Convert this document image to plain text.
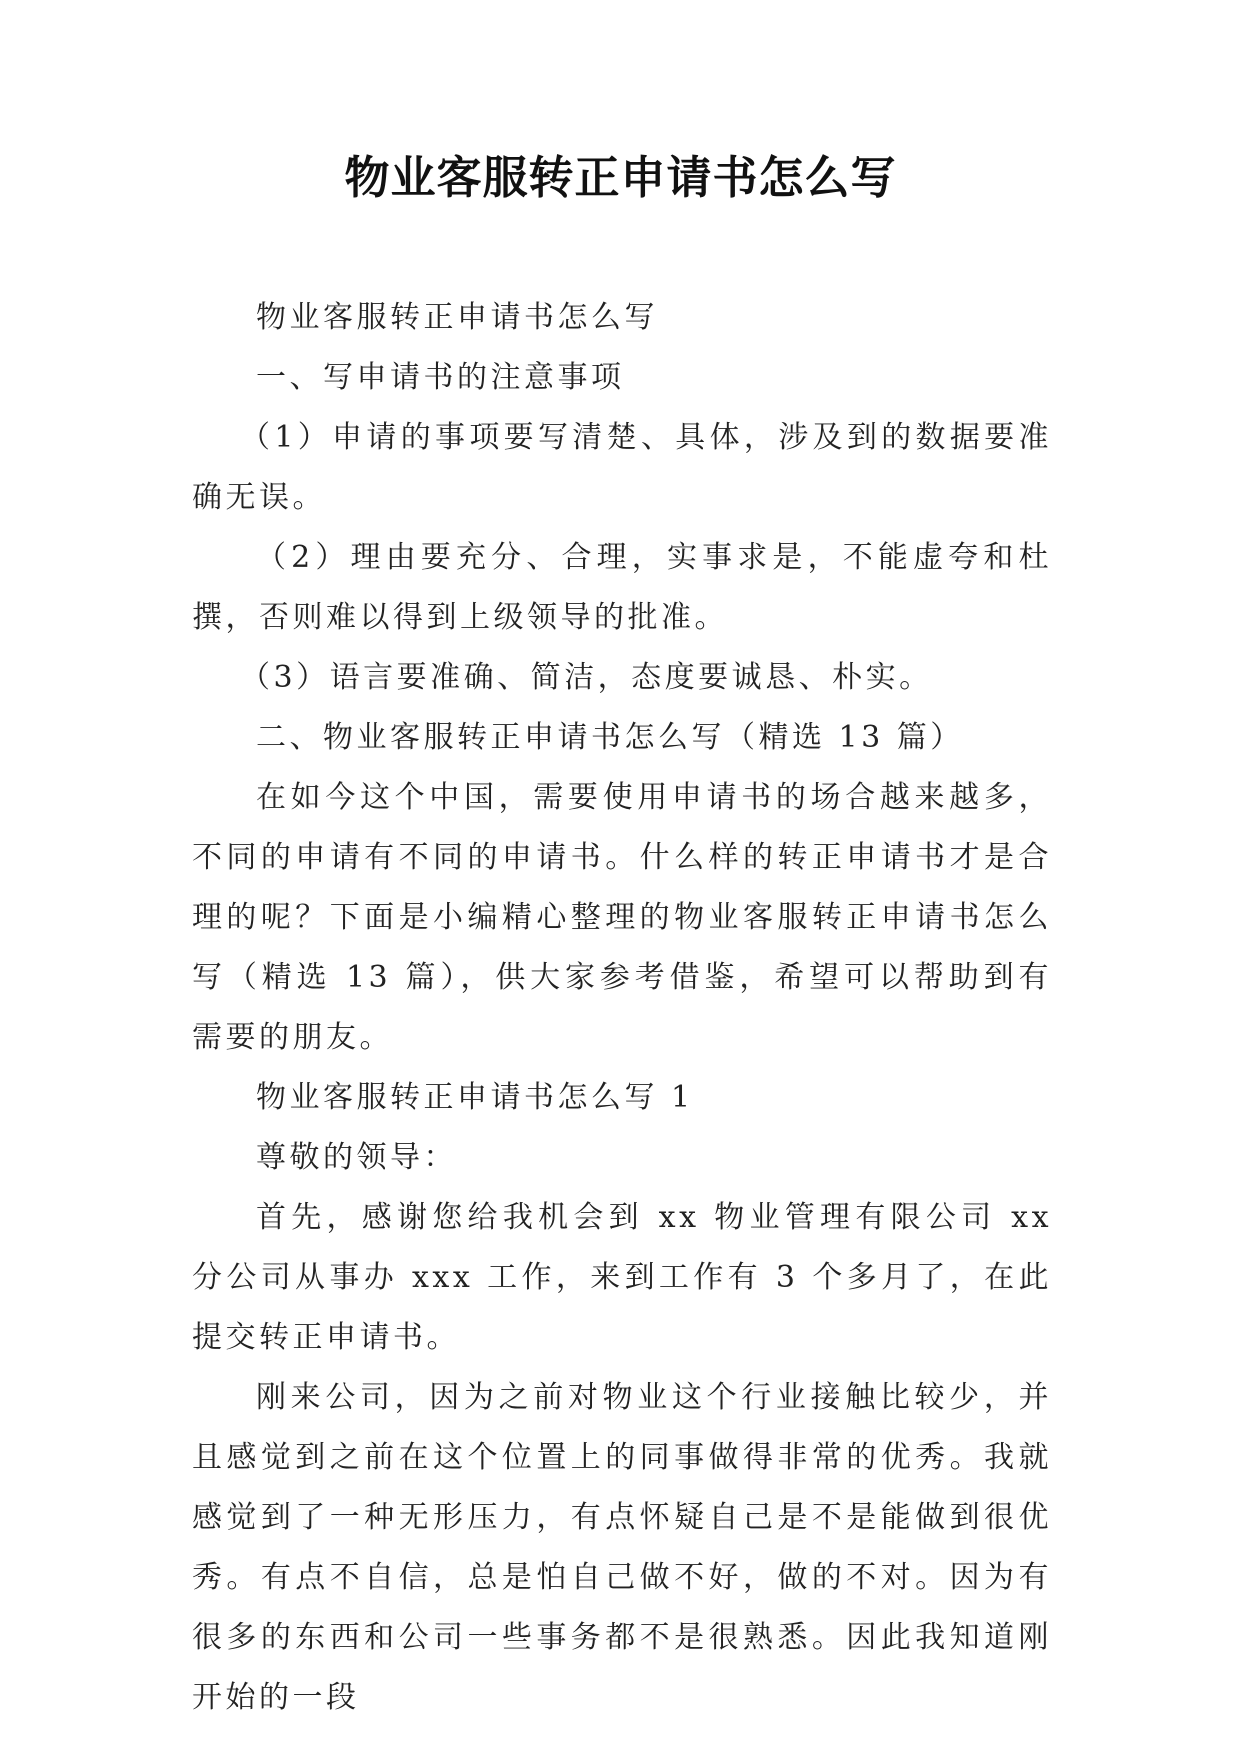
物业客服转正申请书怎么写

物业客服转正申请书怎么写

一、写申请书的注意事项

（1）申请的事项要写清楚、具体，涉及到的数据要准确无误。

（2）理由要充分、合理，实事求是，不能虚夸和杜撰，否则难以得到上级领导的批准。

（3）语言要准确、简洁，态度要诚恳、朴实。

二、物业客服转正申请书怎么写（精选 13 篇）

在如今这个中国，需要使用申请书的场合越来越多，不同的申请有不同的申请书。什么样的转正申请书才是合理的呢？下面是小编精心整理的物业客服转正申请书怎么写（精选 13 篇），供大家参考借鉴，希望可以帮助到有需要的朋友。

物业客服转正申请书怎么写 1

尊敬的领导：

首先，感谢您给我机会到 xx 物业管理有限公司 xx 分公司从事办 xxx 工作，来到工作有 3 个多月了，在此提交转正申请书。

刚来公司，因为之前对物业这个行业接触比较少，并且感觉到之前在这个位置上的同事做得非常的优秀。我就感觉到了一种无形压力，有点怀疑自己是不是能做到很优秀。有点不自信，总是怕自己做不好，做的不对。因为有很多的东西和公司一些事务都不是很熟悉。因此我知道刚开始的一段
